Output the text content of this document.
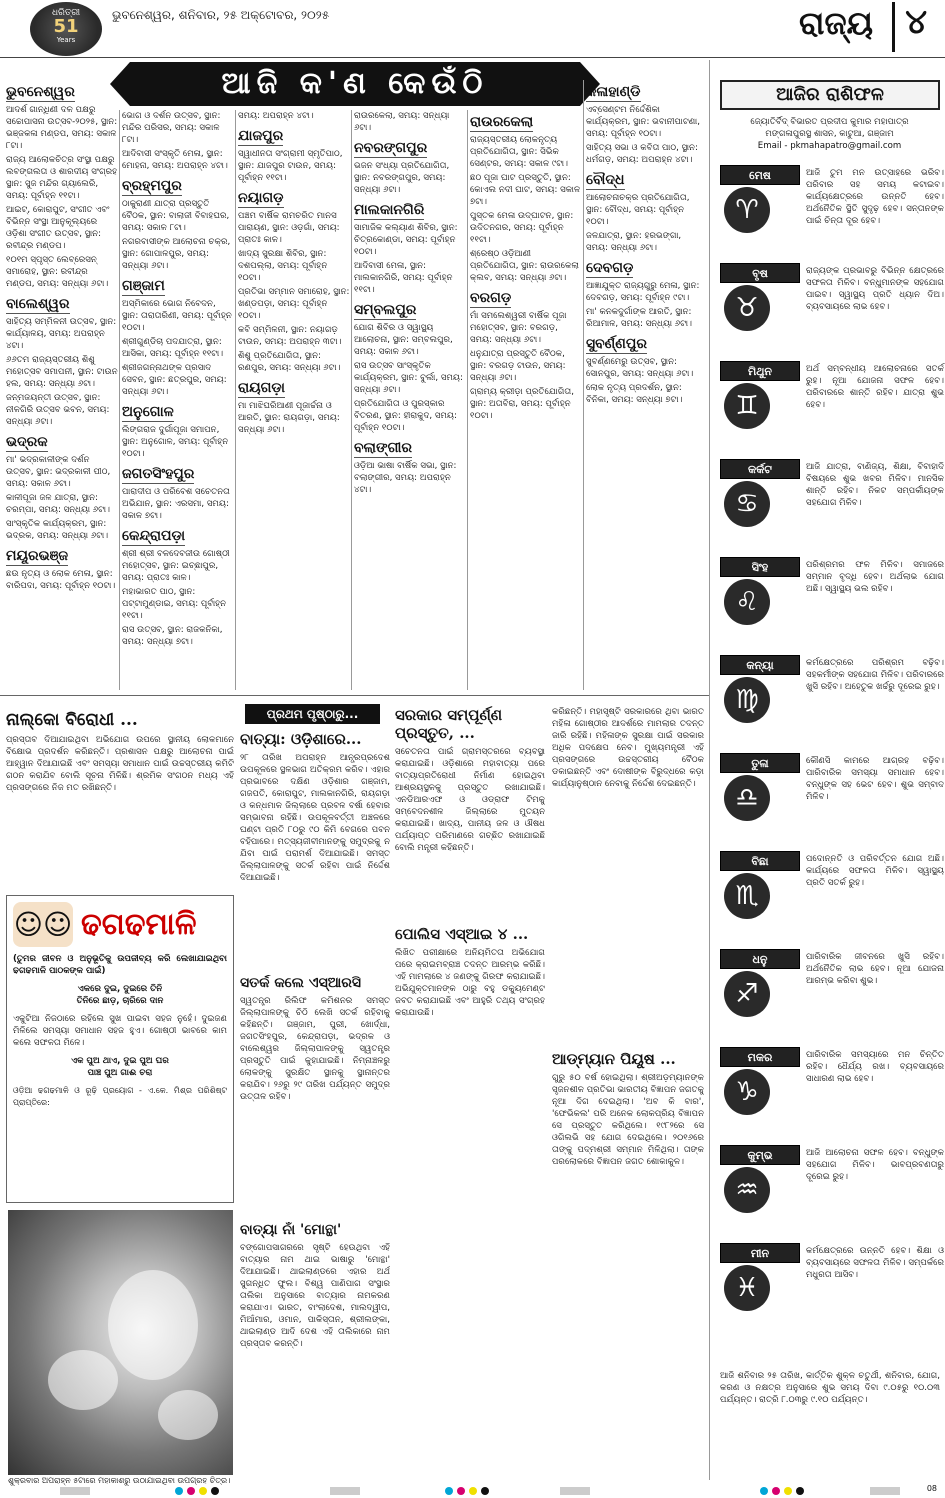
ଧରିତ୍ରୀ
51
Years
ଭୁବନେଶ୍ୱର, ଶନିବାର, ୨୫ ଅକ୍ଟୋବର, ୨୦୨୫	ରାଜ୍ୟ ୪
ଆଜି କ'ଣ କେଉଁଠି
ଭୁବନେଶ୍ୱର
ଆଦର୍ଶ ଗାନ୍ଧିଣୀ ଦଳ ପକ୍ଷରୁ ସଚ୍ଚୋପାସନା ଉତ୍ସବ-୨୦୨୫, ସ୍ଥାନ: ଭଞ୍ଜକଳା ମଣ୍ଡପ, ସମୟ: ସକାଳ ୮ଟା।
ରାଜ୍ୟ ଆଲୋକଚିତ୍ର ସଂସ୍ଥା ପକ୍ଷରୁ ଲବଙ୍ଗଲତା ଓ ଶାରଦୀୟ ସଂଗ୍ରହ ସ୍ଥାନ: ସୁଜ ମନ୍ଦିର ଗ୍ୟାଲେରି, ସମୟ: ପୂର୍ବାହ୍ନ ୧୧ଟା।
ଆଇଟ୍, କୋରାପୁଟ, ସଂଗୀତ ଏବଂ ବିଭିନ୍ନ ସଂସ୍ଥା ଆନୁକୂଲ୍ୟରେ ଓଡ଼ିଶା ସଂଗୀତ ଉତ୍ସବ, ସ୍ଥାନ: ରବୀନ୍ଦ୍ର ମଣ୍ଡପ।
୧୦୧ମ ସ୍ପୃସ୍ତ ଲେବ୍ରେସନ୍ ସମାରୋହ, ସ୍ଥାନ: ରବୀନ୍ଦ୍ର ମଣ୍ଡପ, ସମୟ: ସନ୍ଧ୍ୟା ୬ଟା।
ବାଲେଶ୍ୱର
ସାହିତ୍ୟ ସମ୍ମିଳନୀ ଉତ୍ସବ, ସ୍ଥାନ: କାର୍ଯ୍ୟାଳୟ, ସମୟ: ଅପରାହ୍ନ ୪ଟା।
୬୬ତମ ରାଜ୍ୟସ୍ତରୀୟ ଶିଶୁ ମହୋତ୍ସବ ସମାପନୀ, ସ୍ଥାନ: ଟାଉନ ହଲ, ସମୟ: ସନ୍ଧ୍ୟା ୬ଟା।
ଜନ୍ମଜୟନ୍ତୀ ଉତ୍ସବ, ସ୍ଥାନ: ନୀଳଗିରି ଉତ୍ସବ ଭବନ, ସମୟ: ସନ୍ଧ୍ୟା ୬ଟା।
ଭଦ୍ରକ
ମା' ଭଦ୍ରକାଳୀଙ୍କ ଦର୍ଶନ ଉତ୍ସବ, ସ୍ଥାନ: ଭଦ୍ରକାଳୀ ପୀଠ, ସମୟ: ସକାଳ ୬ଟା।
କାଳୀପୂଜା ଜଳ ଯାତ୍ରା, ସ୍ଥାନ: ଚରମ୍ପା, ସମୟ: ସନ୍ଧ୍ୟା ୬ଟା।
ସାଂସ୍କୃତିକ କାର୍ଯ୍ୟକ୍ରମ, ସ୍ଥାନ: ଭଦ୍ରକ, ସମୟ: ସନ୍ଧ୍ୟା ୬ଟା।
ମୟୂରଭଞ୍ଜ
ଛଉ ନୃତ୍ୟ ଓ ଲୋକ ମେଳା, ସ୍ଥାନ: ବାରିପଦା, ସମୟ: ପୂର୍ବାହ୍ନ ୧୦ଟା।
ଭୋଗ ଓ ଦର୍ଶନ ଉତ୍ସବ, ସ୍ଥାନ: ମନ୍ଦିର ପରିସର, ସମୟ: ସକାଳ ୮ଟା।
ଆଦିବାସୀ ସଂସ୍କୃତି ମେଳା, ସ୍ଥାନ: ମୋହନା, ସମୟ: ଅପରାହ୍ନ ୪ଟା।
ବ୍ରହ୍ମପୁର
ଠାକୁରାଣୀ ଯାତ୍ରା ପ୍ରସ୍ତୁତି ବୈଠକ, ସ୍ଥାନ: ବାଲାଜୀ ବିବାହଘର, ସମୟ: ସକାଳ ୮ଟା।
ନଗରବାସୀଙ୍କ ଆଲୋଚନା ଚକ୍ର, ସ୍ଥାନ: ଗୋପାଳପୁର, ସମୟ: ସନ୍ଧ୍ୟା ୬ଟା।
ଗଞ୍ଜାମ
ଅସ୍ମିକାରେ ଭୋଗ ନିବେଦନ, ସ୍ଥାନ: ତାରାତାରିଣୀ, ସମୟ: ପୂର୍ବାହ୍ନ ୧୦ଟା।
ଶ୍ରୀଗୁଣ୍ଡିଚା ପଦଯାତ୍ରା, ସ୍ଥାନ: ଆସିକା, ସମୟ: ପୂର୍ବାହ୍ନ ୧୧ଟା।
ଶ୍ରୀଜଗନ୍ନାଥଙ୍କ ପ୍ରସାଦ ସେବନ, ସ୍ଥାନ: ଛତ୍ରପୁର, ସମୟ: ସନ୍ଧ୍ୟା ୬ଟା।
ଅନୁଗୋଳ
ଲିଙ୍ଗରାଜ ଦୁର୍ଗାପୂଜା ସମାପନ, ସ୍ଥାନ: ଅନୁଗୋଳ, ସମୟ: ପୂର୍ବାହ୍ନ ୧୦ଟା।
ଜଗତସିଂହପୁର
ପାରାଦୀପ ଓ ପରିବେଶ ସଚେତନତା ଅଭିଯାନ, ସ୍ଥାନ: ଏରସମା, ସମୟ: ସକାଳ ୭ଟା।
କେନ୍ଦ୍ରାପଡ଼ା
ଶ୍ରୀ ଶ୍ରୀ ବଳଦେବଜୀଉ ଗୋଷ୍ଠୀ ମହୋତ୍ସବ, ସ୍ଥାନ: ଇଚ୍ଛାପୁର, ସମୟ: ପ୍ରାତଃ କାଳ।
ମହାଭାରତ ପାଠ, ସ୍ଥାନ: ପଟ୍ଟାମୁଣ୍ଡାଇ, ସମୟ: ପୂର୍ବାହ୍ନ ୧୧ଟା।
ରାସ ଉତ୍ସବ, ସ୍ଥାନ: ରାଜକନିକା, ସମୟ: ସନ୍ଧ୍ୟା ୭ଟା।
ସମୟ: ଅପରାହ୍ନ ୪ଟା।
ଯାଜପୁର
ସ୍ୱାଧୀନତା ସଂଗ୍ରାମୀ ସ୍ମୃତିପାଠ, ସ୍ଥାନ: ଯାଜପୁର ଟାଉନ, ସମୟ: ପୂର୍ବାହ୍ନ ୧୧ଟା।
ନୟାଗଡ଼
ପଞ୍ଚମ ବାର୍ଷିକ ରାମଚରିତ ମାନସ ପାରାୟଣ, ସ୍ଥାନ: ଓଡ଼ଗାଁ, ସମୟ: ପ୍ରାତଃ କାଳ।
ଖାଦ୍ୟ ସୁରକ୍ଷା ଶିବିର, ସ୍ଥାନ: ଦଶପଲ୍ଲା, ସମୟ: ପୂର୍ବାହ୍ନ ୧୦ଟା।
ପ୍ରତିଭା ସମ୍ମାନ ସମାରୋହ, ସ୍ଥାନ: ଖଣ୍ଡପଡ଼ା, ସମୟ: ପୂର୍ବାହ୍ନ ୧୦ଟା।
କବି ସମ୍ମିଳନୀ, ସ୍ଥାନ: ନୟାଗଡ଼ ଟାଉନ, ସମୟ: ଅପରାହ୍ନ ୩ଟା।
ଶିଶୁ ପ୍ରତିଯୋଗିତା, ସ୍ଥାନ: ରଣପୁର, ସମୟ: ସନ୍ଧ୍ୟା ୬ଟା।
ରାୟଗଡ଼ା
ମା ମାଝିଘରିଆଣୀ ପୂଜାର୍ଚ୍ଚନା ଓ ଆରତି, ସ୍ଥାନ: ରାୟଗଡ଼ା, ସମୟ: ସନ୍ଧ୍ୟା ୬ଟା।
ରାଉରକେଲା, ସମୟ: ସନ୍ଧ୍ୟା ୬ଟା।
ନବରଙ୍ଗପୁର
ଭଜନ ସଂଧ୍ୟା ପ୍ରତିଯୋଗିତା, ସ୍ଥାନ: ନବରଙ୍ଗପୁର, ସମୟ: ସନ୍ଧ୍ୟା ୬ଟା।
ମାଲକାନଗିରି
ସାମାଜିକ କଲ୍ୟାଣ ଶିବିର, ସ୍ଥାନ: ଚିତ୍ରକୋଣ୍ଡା, ସମୟ: ପୂର୍ବାହ୍ନ ୧୦ଟା।
ଆଦିବାସୀ ମେଳା, ସ୍ଥାନ: ମାଲକାନଗିରି, ସମୟ: ପୂର୍ବାହ୍ନ ୧୧ଟା।
ସମ୍ବଲପୁର
ଯୋଗ ଶିବିର ଓ ସ୍ୱାସ୍ଥ୍ୟ ଆଲୋଚନା, ସ୍ଥାନ: ସମ୍ବଲପୁର, ସମୟ: ସକାଳ ୬ଟା।
ରାସ ଉତ୍ସବ ସାଂସ୍କୃତିକ କାର୍ଯ୍ୟକ୍ରମ, ସ୍ଥାନ: ବୁର୍ଲା, ସମୟ: ସନ୍ଧ୍ୟା ୬ଟା।
ପ୍ରତିଯୋଗିତା ଓ ପୁରସ୍କାର ବିତରଣ, ସ୍ଥାନ: ହୀରାକୁଦ, ସମୟ: ପୂର୍ବାହ୍ନ ୧୦ଟା।
ବଲାଙ୍ଗୀର
ଓଡ଼ିଆ ଭାଷା ବାର୍ଷିକ ସଭା, ସ୍ଥାନ: ବଲାଙ୍ଗୀର, ସମୟ: ଅପରାହ୍ନ ୪ଟା।
ରାଉରକେଲା
ରାଜ୍ୟସ୍ତରୀୟ ଲୋକନୃତ୍ୟ ପ୍ରତିଯୋଗିତା, ସ୍ଥାନ: ସିଭିକ ସେଣ୍ଟର, ସମୟ: ସକାଳ ୯ଟା।
ଛଠ ପୂଜା ଘାଟ ପ୍ରସ୍ତୁତି, ସ୍ଥାନ: କୋଏଲ ନଦୀ ଘାଟ, ସମୟ: ସକାଳ ୭ଟା।
ପୁସ୍ତକ ମେଳା ଉଦ୍‌ଘାଟନ, ସ୍ଥାନ: ଉଦିତନଗର, ସମୟ: ପୂର୍ବାହ୍ନ ୧୧ଟା।
ଶ୍ରେଷ୍ଠ ଓଡ଼ିଆଣୀ ପ୍ରତିଯୋଗିତା, ସ୍ଥାନ: ରାଉରକେଲା କ୍ଲବ, ସମୟ: ସନ୍ଧ୍ୟା ୬ଟା।
ବରଗଡ଼
ମାଁ ସମଲେଶ୍ୱରୀ ବାର୍ଷିକ ପୂଜା ମହୋତ୍ସବ, ସ୍ଥାନ: ବରଗଡ଼, ସମୟ: ସନ୍ଧ୍ୟା ୬ଟା।
ଧନୁଯାତ୍ରା ପ୍ରସ୍ତୁତି ବୈଠକ, ସ୍ଥାନ: ବରଗଡ଼ ଟାଉନ, ସମୟ: ସନ୍ଧ୍ୟା ୬ଟା।
ଗ୍ରାମ୍ୟ କ୍ରୀଡ଼ା ପ୍ରତିଯୋଗିତା, ସ୍ଥାନ: ଅତାବିରା, ସମୟ: ପୂର୍ବାହ୍ନ ୧୦ଟା।
କଳାହାଣ୍ଡି
ଏବ୍‌ସେଣ୍ଟମ ନିର୍ଦ୍ଦେଶିକା କାର୍ଯ୍ୟକ୍ରମ, ସ୍ଥାନ: ଭବାନୀପାଟଣା, ସମୟ: ପୂର୍ବାହ୍ନ ୧୦ଟା।
ସାହିତ୍ୟ ସଭା ଓ କବିତା ପାଠ, ସ୍ଥାନ: ଧର୍ମଗଡ଼, ସମୟ: ଅପରାହ୍ନ ୪ଟା।
ବୌଦ୍ଧ
ଆଲୋଚନାଚକ୍ର ପ୍ରତିଯୋଗିତା, ସ୍ଥାନ: ବୌଦ୍ଧ, ସମୟ: ପୂର୍ବାହ୍ନ ୧୦ଟା।
ଜଳଯାତ୍ରା, ସ୍ଥାନ: ହରଭଙ୍ଗା, ସମୟ: ସନ୍ଧ୍ୟା ୬ଟା।
ଦେବଗଡ଼
ଆଜ୍ଞାଯୁକ୍ତ ରାଜ୍ୟଗୁରୁ ମେଳା, ସ୍ଥାନ: ଦେବଗଡ଼, ସମୟ: ପୂର୍ବାହ୍ନ ୯ଟା।
ମା' କନକଦୁର୍ଗାଙ୍କ ଆରତି, ସ୍ଥାନ: ରିଆମାଳ, ସମୟ: ସନ୍ଧ୍ୟା ୬ଟା।
ସୁବର୍ଣ୍ଣପୁର
ସୁବର୍ଣ୍ଣମେରୁ ଉତ୍ସବ, ସ୍ଥାନ: ସୋନପୁର, ସମୟ: ସନ୍ଧ୍ୟା ୬ଟା।
ଲୋକ ନୃତ୍ୟ ପ୍ରଦର୍ଶନ, ସ୍ଥାନ: ବିନିକା, ସମୟ: ସନ୍ଧ୍ୟା ୭ଟା।
ନାଲ୍‌କୋ ବିରୋଧୀ ...
ପ୍ରସ୍ତାବ ଦିଆଯାଇଥିବା ଅଭିଯୋଗ ଉପରେ ସ୍ଥାନୀୟ ଲୋକମାନେ ବିକ୍ଷୋଭ ପ୍ରଦର୍ଶନ କରିଛନ୍ତି। ପ୍ରଶାସନ ପକ୍ଷରୁ ଆଲୋଚନା ପାଇଁ ଆହ୍ୱାନ ଦିଆଯାଇଛି ଏବଂ ସମସ୍ୟା ସମାଧାନ ପାଇଁ ଉଚ୍ଚସ୍ତରୀୟ କମିଟି ଗଠନ କରାଯିବ ବୋଲି ସୂଚନା ମିଳିଛି। ଶ୍ରମିକ ସଂଗଠନ ମଧ୍ୟ ଏହି ପ୍ରସଙ୍ଗରେ ନିଜ ମତ ରଖିଛନ୍ତି।
☺☺ ଢଗଢମାଳି
(ତୁମର ଜୀବନ ଓ ଅନୁଭୂତିକୁ ଉପଜୀବ୍ୟ କରି ଲେଖାଯାଇଥିବା ଢଗଢମାଳି ପାଠକଙ୍କ ପାଇଁ)
ଏକରେ ଦୁଇ, ଦୁଇରେ ତିନି
ତିନିରେ ଛାଡ଼, ଚାରିରେ ଦାନ
ଏକୁଟିଆ ନିଜଠାରେ ରହିଲେ ସୁଖ ପାଇବା ସହଜ ନୁହେଁ। ଦୁଇଜଣ ମିଳିଲେ ସମସ୍ୟା ସମାଧାନ ସହଜ ହୁଏ। ଗୋଷ୍ଠୀ ଭାବରେ କାମ କଲେ ସଫଳତା ମିଳେ।
ଏକ ପୁଅ ଥାଏ, ଦୁଇ ପୁଅ ଘର
ପାଞ୍ଚ ପୁଅ ଗାଈ ଚରା
ଓଡ଼ିଆ ଢଗଢମାଳି ଓ ରୂଢ଼ି ପ୍ରୟୋଗ - ଏ.କେ. ମିଶ୍ର ପରିଶିଷ୍ଟ ପ୍ରାପ୍ତିରେ:
ଶୁକ୍ରବାର ଅପରାହ୍ନ ୫ଟାରେ ମହାକାଶରୁ ଉଠାଯାଇଥିବା ଉପଗ୍ରହ ଚିତ୍ର।
ପ୍ରଥମ ପୃଷ୍ଠାରୁ...
ବାତ୍ୟା: ଓଡ଼ିଶାରେ...
୨୮ ତାରିଖ ଅପରାହ୍ନ ଆନ୍ଧ୍ରପ୍ରଦେଶ ଉପକୂଳରେ ସ୍ଥଳଭାଗ ଅତିକ୍ରମ କରିବ। ଏହାର ପ୍ରଭାବରେ ଦକ୍ଷିଣ ଓଡ଼ିଶାର ଗଞ୍ଜାମ, ଗଜପତି, କୋରାପୁଟ, ମାଲକାନଗିରି, ରାୟଗଡ଼ା ଓ କନ୍ଧମାଳ ଜିଲ୍ଲାରେ ପ୍ରବଳ ବର୍ଷା ହେବାର ସମ୍ଭାବନା ରହିଛି। ଉପକୂଳବର୍ତ୍ତୀ ଅଞ୍ଚଳରେ ଘଣ୍ଟା ପ୍ରତି ୮୦ରୁ ୯୦ କିମି ବେଗରେ ପବନ ବହିପାରେ। ମତ୍ସ୍ୟଜୀବୀମାନଙ୍କୁ ସମୁଦ୍ରକୁ ନ ଯିବା ପାଇଁ ପରାମର୍ଶ ଦିଆଯାଇଛି। ସମସ୍ତ ଜିଲ୍ଲାପାଳଙ୍କୁ ସତର୍କ ରହିବା ପାଇଁ ନିର୍ଦ୍ଦେଶ ଦିଆଯାଇଛି।
ସତର୍କ କଲେ ଏସ୍‌ଆରସି
ସ୍ୱତନ୍ତ୍ର ରିଲିଫ କମିଶନର ସମସ୍ତ ଜିଲ୍ଲାପାଳଙ୍କୁ ଚିଠି ଲେଖି ସତର୍କ ରହିବାକୁ କହିଛନ୍ତି। ଗଞ୍ଜାମ, ପୁରୀ, ଖୋର୍ଦ୍ଧା, ଜଗତସିଂହପୁର, କେନ୍ଦ୍ରାପଡ଼ା, ଭଦ୍ରକ ଓ ବାଲେଶ୍ୱର ଜିଲ୍ଲାପାଳଙ୍କୁ ସ୍ୱତନ୍ତ୍ର ପ୍ରସ୍ତୁତି ପାଇଁ କୁହାଯାଇଛି। ନିମ୍ନାଞ୍ଚଳରୁ ଲୋକଙ୍କୁ ସୁରକ୍ଷିତ ସ୍ଥାନକୁ ସ୍ଥାନାନ୍ତର କରାଯିବ। ୨୬ରୁ ୨୯ ତାରିଖ ପର୍ଯ୍ୟନ୍ତ ସମୁଦ୍ର ଉତ୍ତାଳ ରହିବ।
ବାତ୍ୟା ନାଁ 'ମୋନ୍ଥା'
ବଙ୍ଗୋପସାଗରରେ ସୃଷ୍ଟି ହେଉଥିବା ଏହି ବାତ୍ୟାର ନାମ ଥାଇ ଭାଷାରୁ 'ମୋନ୍ଥା' ଦିଆଯାଇଛି। ଥାଇଲାଣ୍ଡରେ ଏହାର ଅର୍ଥ ସୁଗନ୍ଧିତ ଫୁଲ। ବିଶ୍ୱ ପାଣିପାଗ ସଂସ୍ଥାର ତାଲିକା ଅନୁସାରେ ବାତ୍ୟାର ନାମକରଣ କରାଯାଏ। ଭାରତ, ବାଂଲାଦେଶ, ମାଲଦ୍ୱୀପ, ମିଆଁମାର, ଓମାନ, ପାକିସ୍ତାନ, ଶ୍ରୀଲଙ୍କା, ଥାଇଲାଣ୍ଡ ଆଦି ଦେଶ ଏହି ତାଲିକାରେ ନାମ ପ୍ରସ୍ତାବ କରନ୍ତି।
ସରକାର ସମ୍ପୂର୍ଣ୍ଣ ପ୍ରସ୍ତୁତ, ...
ସଚେତନତା ପାଇଁ ଗ୍ରାମସ୍ତରରେ ବ୍ୟବସ୍ଥା କରାଯାଇଛି। ଓଡ଼ିଶାରେ ମହାବାତ୍ୟା ପରେ ବାତ୍ୟାପ୍ରତିରୋଧୀ ନିର୍ମାଣ ହୋଇଥିବା ଆଶ୍ରୟସ୍ଥଳକୁ ପ୍ରସ୍ତୁତ ରଖାଯାଇଛି। ଏନଡିଆରଏଫ ଓ ଓଡ୍ରାଫ ଟିମକୁ ସମ୍ବେଦନଶୀଳ ଜିଲ୍ଲାରେ ମୁତୟନ କରାଯାଇଛି। ଖାଦ୍ୟ, ପାନୀୟ ଜଳ ଓ ଔଷଧ ପର୍ଯ୍ୟାପ୍ତ ପରିମାଣରେ ଗଚ୍ଛିତ ରଖାଯାଇଛି ବୋଲି ମନ୍ତ୍ରୀ କହିଛନ୍ତି।
ପୋଲିସ ଏସ୍‌ଆଇ ୪ ...
ଲିଖିତ ପରୀକ୍ଷାରେ ଅନିୟମିତତା ଅଭିଯୋଗ ପରେ କ୍ରାଇମବ୍ରାଞ୍ଚ ତଦନ୍ତ ଆରମ୍ଭ କରିଛି। ଏହି ମାମଲାରେ ୪ ଜଣଙ୍କୁ ଗିରଫ କରାଯାଇଛି। ଅଭିଯୁକ୍ତମାନଙ୍କ ଠାରୁ ବହୁ ଡକ୍ୟୁମେଣ୍ଟ ଜବତ କରାଯାଇଛି ଏବଂ ଆହୁରି ତଥ୍ୟ ସଂଗ୍ରହ କରାଯାଉଛି।
କରିଛନ୍ତି। ମହାସୃଷ୍ଟି ସରକାରରେ ଥିବା ଭାରତ ମହିଳା ଗୋଷ୍ଠୀର ଆଦର୍ଶରେ ମାମଲାର ତଦନ୍ତ ଜାରି ରହିଛି। ମହିଳାଙ୍କ ସୁରକ୍ଷା ପାଇଁ ସରକାର ଅଧିକ ପଦକ୍ଷେପ ନେବ। ମୁଖ୍ୟମନ୍ତ୍ରୀ ଏହି ପ୍ରସଙ୍ଗରେ ଉଚ୍ଚସ୍ତରୀୟ ବୈଠକ ଡକାଇଛନ୍ତି ଏବଂ ଦୋଷୀଙ୍କ ବିରୁଦ୍ଧରେ କଡ଼ା କାର୍ଯ୍ୟାନୁଷ୍ଠାନ ନେବାକୁ ନିର୍ଦ୍ଦେଶ ଦେଇଛନ୍ତି।
ଆଡ୍‌ମ୍ୟାନ ପିୟୂଷ ...
ଗୁରୁ ୫୦ ବର୍ଷ ହୋଇଥିଲା। ଶ୍ରୀଅଡ଼ମ୍ୟାନଙ୍କ ସୃଜନଶୀଳ ପ୍ରତିଭା ଭାରତୀୟ ବିଜ୍ଞାପନ ଜଗତକୁ ନୂଆ ଦିଗ ଦେଇଥିଲା। 'ଅବ କି ବାର', 'ଫେଭିକଲ' ପରି ଅନେକ ଲୋକପ୍ରିୟ ବିଜ୍ଞାପନ ସେ ପ୍ରସ୍ତୁତ କରିଥିଲେ। ୧୯୮୨ରେ ସେ ଓଗିଲଭି ସହ ଯୋଗ ଦେଇଥିଲେ। ୨୦୧୬ରେ ତାଙ୍କୁ ପଦ୍ମଶ୍ରୀ ସମ୍ମାନ ମିଳିଥିଲା। ତାଙ୍କ ପରଲୋକରେ ବିଜ୍ଞାପନ ଜଗତ ଶୋକାକୁଳ।
ଆଜିର ରାଶିଫଳ
ଜ୍ୟୋତିର୍ବିଦ୍ ବିଭାରତ ପ୍ରଦୀପ କୁମାର ମହାପାତ୍ର
ମଙ୍ଗଳାପୁରସ୍ଥ ଶାସନ, କାଟୁଆ, ଗଞ୍ଜାମ
Email - pkmahapatro@gmail.com
ମେଷ
♈
ଆଜି ତୁମ ମନ ଉତ୍ସାହରେ ଭରିବ। ପରିବାର ସହ ସମୟ କଟାଇବ। କାର୍ଯ୍ୟକ୍ଷେତ୍ରରେ ଉନ୍ନତି ହେବ। ଅର୍ଥନୈତିକ ସ୍ଥିତି ସୁଦୃଢ଼ ହେବ। ସନ୍ତାନଙ୍କ ପାଇଁ ଚିନ୍ତା ଦୂର ହେବ।
ବୃଷ
♉
ରାଜ୍ୟଙ୍କ ପ୍ରଭାବରୁ ବିଭିନ୍ନ କ୍ଷେତ୍ରରେ ସଫଳତା ମିଳିବ। ବନ୍ଧୁମାନଙ୍କ ସହଯୋଗ ପାଇବ। ସ୍ୱାସ୍ଥ୍ୟ ପ୍ରତି ଧ୍ୟାନ ଦିଅ। ବ୍ୟବସାୟରେ ଲାଭ ହେବ।
ମିଥୁନ
♊
ଅର୍ଥ ସମ୍ବନ୍ଧୀୟ ଆଲୋଚନାରେ ସତର୍କ ରୁହ। ନୂଆ ଯୋଜନା ସଫଳ ହେବ। ପରିବାରରେ ଶାନ୍ତି ରହିବ। ଯାତ୍ରା ଶୁଭ ହେବ।
କର୍କଟ
♋
ଆଜି ଯାତ୍ରା, ବାଣିଜ୍ୟ, ଶିକ୍ଷା, ବିବାହାଦି ବିଷୟରେ ଶୁଭ ଖବର ମିଳିବ। ମାନସିକ ଶାନ୍ତି ରହିବ। ନିକଟ ସମ୍ପର୍କୀୟଙ୍କ ସହଯୋଗ ମିଳିବ।
ସିଂହ
♌
ପରିଶ୍ରମର ଫଳ ମିଳିବ। ସମାଜରେ ସମ୍ମାନ ବୃଦ୍ଧି ହେବ। ଅର୍ଥଲାଭ ଯୋଗ ଅଛି। ସ୍ୱାସ୍ଥ୍ୟ ଭଲ ରହିବ।
କନ୍ୟା
♍
କର୍ମକ୍ଷେତ୍ରରେ ପରିଶ୍ରମ ବଢ଼ିବ। ସହକର୍ମୀଙ୍କ ସହଯୋଗ ମିଳିବ। ପରିବାରରେ ଖୁସି ରହିବ। ଅହେତୁକ ଖର୍ଚ୍ଚରୁ ଦୂରେଇ ରୁହ।
ତୁଳା
♎
କୌଣସି କାମରେ ଆଗ୍ରହ ବଢ଼ିବ। ପାରିବାରିକ ସମସ୍ୟା ସମାଧାନ ହେବ। ବନ୍ଧୁଙ୍କ ସହ ଭେଟ ହେବ। ଶୁଭ ସମ୍ବାଦ ମିଳିବ।
ବିଛା
♏
ପଦୋନ୍ନତି ଓ ପରିବର୍ତ୍ତନ ଯୋଗ ଅଛି। କାର୍ଯ୍ୟରେ ସଫଳତା ମିଳିବ। ସ୍ୱାସ୍ଥ୍ୟ ପ୍ରତି ସତର୍କ ରୁହ।
ଧନୁ
♐
ପାରିବାରିକ ଜୀବନରେ ଖୁସି ରହିବ। ଅର୍ଥନୈତିକ ଲାଭ ହେବ। ନୂଆ ଯୋଜନା ଆରମ୍ଭ କରିବା ଶୁଭ।
ମକର
♑
ପାରିବାରିକ ସମସ୍ୟାରେ ମନ ଚିନ୍ତିତ ରହିବ। ଧୈର୍ଯ୍ୟ ରଖ। ବ୍ୟବସାୟରେ ସାଧାରଣ ଲାଭ ହେବ।
କୁମ୍ଭ
♒
ଆଜି ଆଲୋଚନା ସଫଳ ହେବ। ବନ୍ଧୁଙ୍କ ସହଯୋଗ ମିଳିବ। ଭାବପ୍ରବଣତାରୁ ଦୂରେଇ ରୁହ।
ମୀନ
♓
କର୍ମକ୍ଷେତ୍ରରେ ଉନ୍ନତି ହେବ। ଶିକ୍ଷା ଓ ବ୍ୟବସାୟରେ ସଫଳତା ମିଳିବ। ସମ୍ପର୍କରେ ମଧୁରତା ଆସିବ।
ଆଜି ଶନିବାର ୨୫ ତାରିଖ, କାର୍ତ୍ତିକ ଶୁକ୍ଳ ଚତୁର୍ଥୀ, ଶନିବାର, ଯୋଗ, କରଣ ଓ ନକ୍ଷତ୍ର ଅନୁସାରେ ଶୁଭ ସମୟ ଦିବା ୯.୦୫ରୁ ୧୦.୦୩ ପର୍ଯ୍ୟନ୍ତ। ରାତ୍ରି ୮.୦୩ରୁ ୯.୧୦ ପର୍ଯ୍ୟନ୍ତ।
08
